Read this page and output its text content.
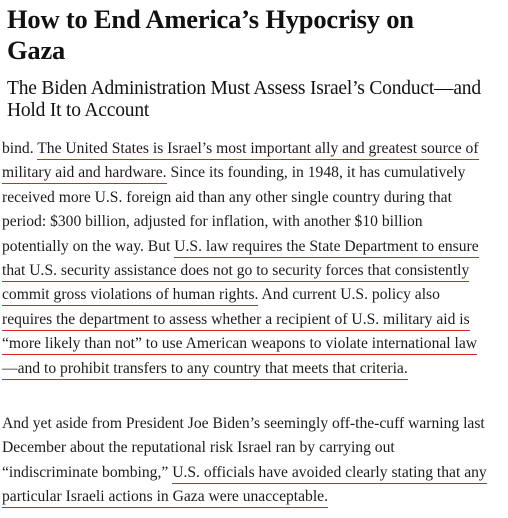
How to End America’s Hypocrisy on
Gaza
The Biden Administration Must Assess Israel’s Conduct—and
Hold It to Account

bind. The United States is Israel’s most important ally and greatest source of
military aid and hardware. Since its founding, in 1948, it has cumulatively
received more U.S. foreign aid than any other single country during that
period: $300 billion, adjusted for inflation, with another $10 billion
potentially on the way. But U.S. law requires the State Department to ensure
that U.S. security assistance does not go to security forces that consistently
commit gross violations of human rights. And current U.S. policy also
requires the department to assess whether a recipient of U.S. military aid is
“more likely than not” to use American weapons to violate international law
—and to prohibit transfers to any country that meets that criteria.

And yet aside from President Joe Biden’s seemingly off-the-cuff warning last
December about the reputational risk Israel ran by carrying out
“indiscriminate bombing,” U.S. officials have avoided clearly stating that any
particular Israeli actions in Gaza were unacceptable.
